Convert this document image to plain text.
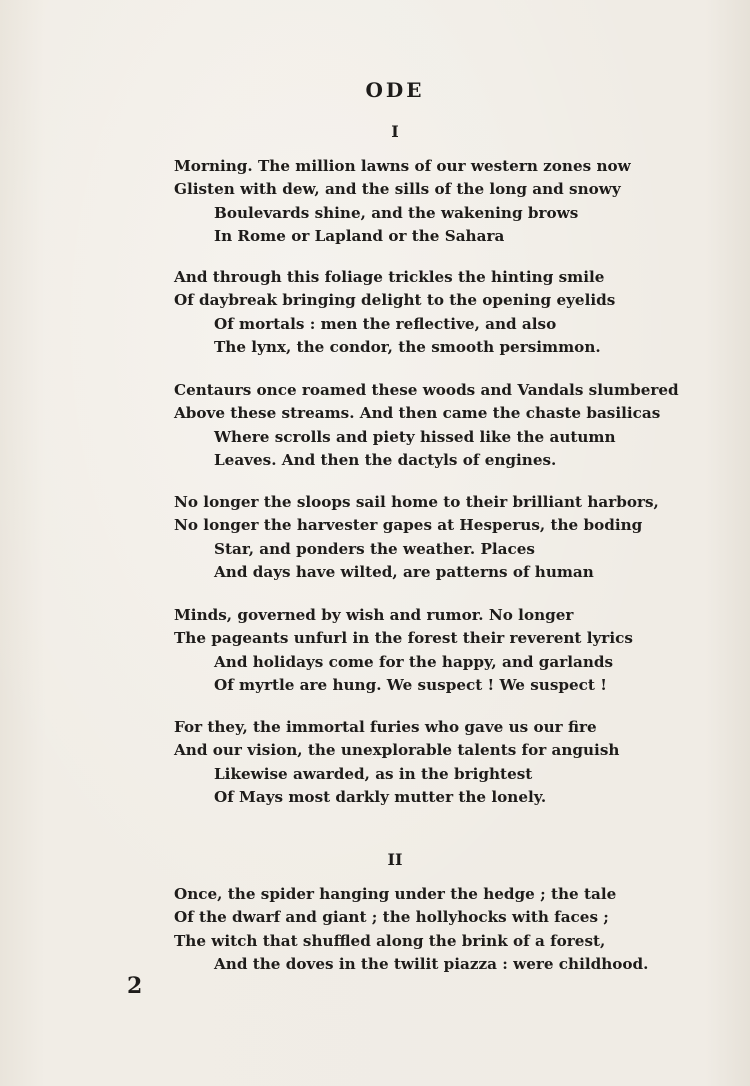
ODE
I
Morning. The million lawns of our western zones now
Glisten with dew, and the sills of the long and snowy
Boulevards shine, and the wakening brows
In Rome or Lapland or the Sahara
And through this foliage trickles the hinting smile
Of daybreak bringing delight to the opening eyelids
Of mortals : men the reflective, and also
The lynx, the condor, the smooth persimmon.
Centaurs once roamed these woods and Vandals slumbered
Above these streams. And then came the chaste basilicas
Where scrolls and piety hissed like the autumn
Leaves. And then the dactyls of engines.
No longer the sloops sail home to their brilliant harbors,
No longer the harvester gapes at Hesperus, the boding
Star, and ponders the weather. Places
And days have wilted, are patterns of human
Minds, governed by wish and rumor. No longer
The pageants unfurl in the forest their reverent lyrics
And holidays come for the happy, and garlands
Of myrtle are hung. We suspect ! We suspect !
For they, the immortal furies who gave us our fire
And our vision, the unexplorable talents for anguish
Likewise awarded, as in the brightest
Of Mays most darkly mutter the lonely.
II
Once, the spider hanging under the hedge ; the tale
Of the dwarf and giant ; the hollyhocks with faces ;
The witch that shuffled along the brink of a forest,
And the doves in the twilit piazza : were childhood.
2
